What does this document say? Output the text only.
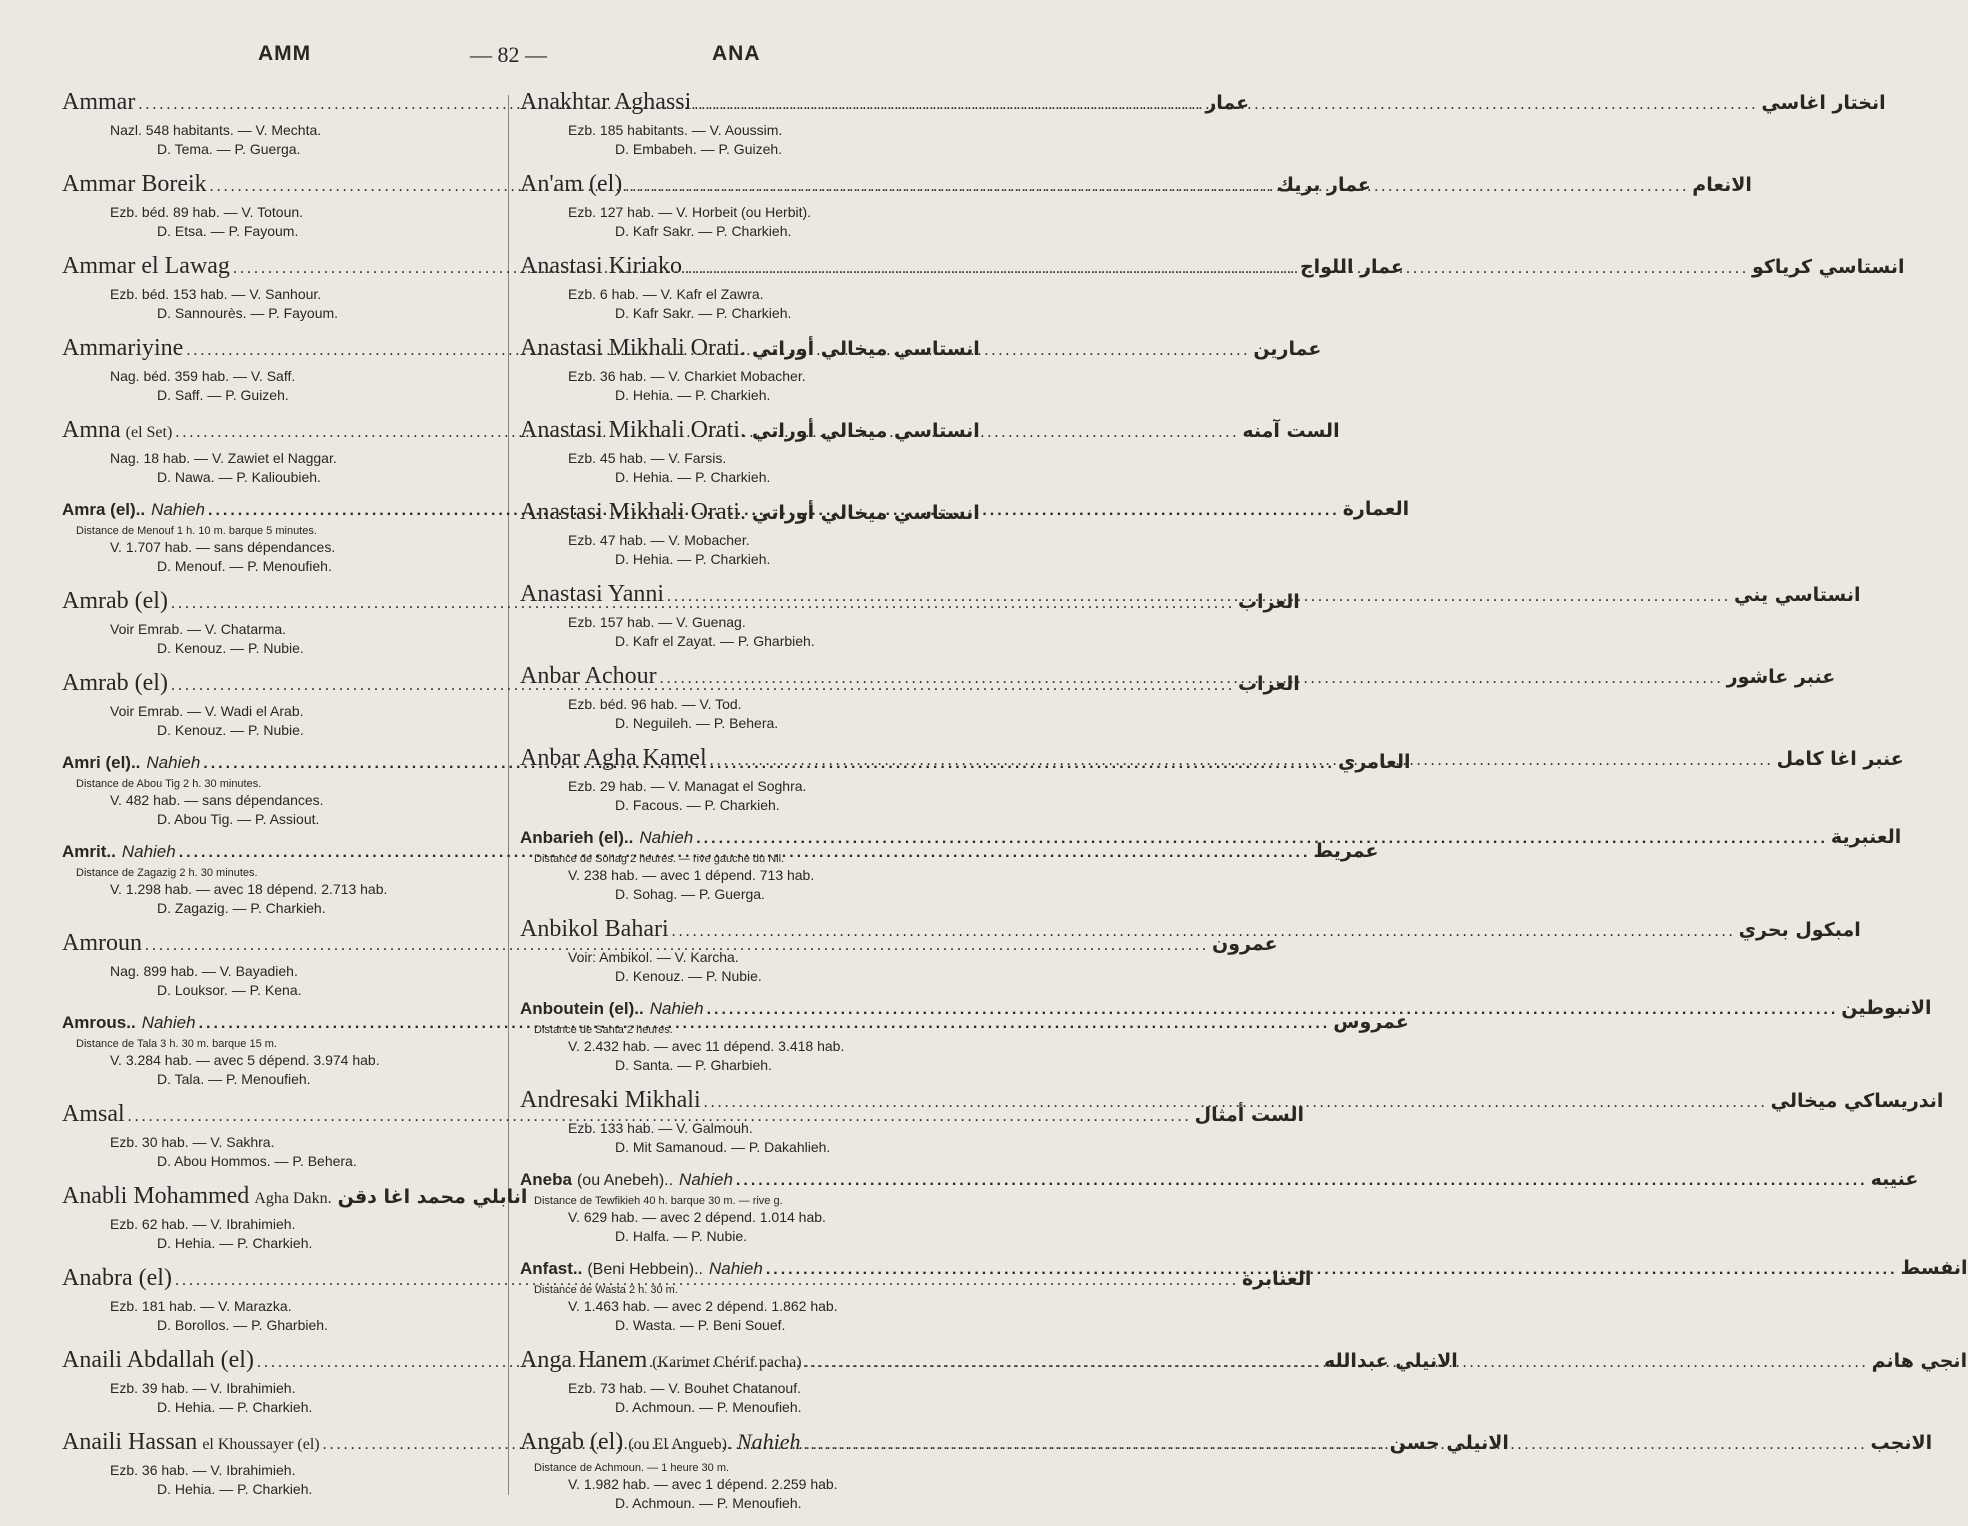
AMM	— 82 —	ANA
Ammar .....	عمار
Nazl. 548 habitants. — V. Mechta.
D. Tema. — P. Guerga.
Ammar Boreik .....	عمار بريك
Ezb. béd. 89 hab. — V. Totoun.
D. Etsa. — P. Fayoum.
Ammar el Lawag .....	عمار اللواج
Ezb. béd. 153 hab. — V. Sanhour.
D. Sannourès. — P. Fayoum.
Ammariyine .....	عمارين
Nag. béd. 359 hab. — V. Saff.
D. Saff. — P. Guizeh.
Amna (el Set) .....	الست آمنه
Nag. 18 hab. — V. Zawiet el Naggar.
D. Nawa. — P. Kalioubieh.
Amra (el).. Nahieh .....	العمارة
Distance de Menouf 1 h. 10 m. barque 5 minutes.
V. 1.707 hab. — sans dépendances.
D. Menouf. — P. Menoufieh.
Amrab (el) .....	العراب
Voir Emrab. — V. Chatarma.
D. Kenouz. — P. Nubie.
Amrab (el) .....	العراب
Voir Emrab. — V. Wadi el Arab.
D. Kenouz. — P. Nubie.
Amri (el).. Nahieh .....	العامري
Distance de Abou Tig 2 h. 30 minutes.
V. 482 hab. — sans dépendances.
D. Abou Tig. — P. Assiout.
Amrit.. Nahieh .....	عمريط
Distance de Zagazig 2 h. 30 minutes.
V. 1.298 hab. — avec 18 dépend. 2.713 hab.
D. Zagazig. — P. Charkieh.
Amroun .....	عمرون
Nag. 899 hab. — V. Bayadieh.
D. Louksor. — P. Kena.
Amrous.. Nahieh .....	عمروس
Distance de Tala 3 h. 30 m. barque 15 m.
V. 3.284 hab. — avec 5 dépend. 3.974 hab.
D. Tala. — P. Menoufieh.
Amsal .....	الست أمثال
Ezb. 30 hab. — V. Sakhra.
D. Abou Hommos. — P. Behera.
Anabli Mohammed Agha Dakn. انابلي محمد اغا دقن
Ezb. 62 hab. — V. Ibrahimieh.
D. Hehia. — P. Charkieh.
Anabra (el) .....	العنابرة
Ezb. 181 hab. — V. Marazka.
D. Borollos. — P. Gharbieh.
Anaili Abdallah (el) .....	الانيلي عبدالله
Ezb. 39 hab. — V. Ibrahimieh.
D. Hehia. — P. Charkieh.
Anaili Hassan el Khoussayer (el) .....	الانيلي حسن
Ezb. 36 hab. — V. Ibrahimieh.
D. Hehia. — P. Charkieh.
Anakhtar Aghassi .....	انختار اغاسي
Ezb. 185 habitants. — V. Aoussim.
D. Embabeh. — P. Guizeh.
An'am (el) .....	الانعام
Ezb. 127 hab. — V. Horbeit (ou Herbit).
D. Kafr Sakr. — P. Charkieh.
Anastasi Kiriako .....	انستاسي كرياكو
Ezb. 6 hab. — V. Kafr el Zawra.
D. Kafr Sakr. — P. Charkieh.
Anastasi Mikhali Orati. انستاسي ميخالي أوراتي
Ezb. 36 hab. — V. Charkiet Mobacher.
D. Hehia. — P. Charkieh.
Anastasi Mikhali Orati. انستاسي ميخالي أوراتي
Ezb. 45 hab. — V. Farsis.
D. Hehia. — P. Charkieh.
Anastasi Mikhali Orati. انستاسي ميخالي أوراتي
Ezb. 47 hab. — V. Mobacher.
D. Hehia. — P. Charkieh.
Anastasi Yanni .....	انستاسي يني
Ezb. 157 hab. — V. Guenag.
D. Kafr el Zayat. — P. Gharbieh.
Anbar Achour .....	عنبر عاشور
Ezb. béd. 96 hab. — V. Tod.
D. Neguileh. — P. Behera.
Anbar Agha Kamel .....	عنبر اغا كامل
Ezb. 29 hab. — V. Managat el Soghra.
D. Facous. — P. Charkieh.
Anbarieh (el).. Nahieh .....	العنبرية
Distance de Sohag 2 heures. — rive gauche du Nil.
V. 238 hab. — avec 1 dépend. 713 hab.
D. Sohag. — P. Guerga.
Anbikol Bahari .....	امبكول بحري
Voir: Ambikol. — V. Karcha.
D. Kenouz. — P. Nubie.
Anboutein (el).. Nahieh .....	الانبوطين
Distance de Santa 2 heures.
V. 2.432 hab. — avec 11 dépend. 3.418 hab.
D. Santa. — P. Gharbieh.
Andresaki Mikhali .....	اندريساكي ميخالي
Ezb. 133 hab. — V. Galmouh.
D. Mit Samanoud. — P. Dakahlieh.
Aneba (ou Anebeh).. Nahieh .....	عنيبه
Distance de Tewfikieh 40 h. barque 30 m. — rive g.
V. 629 hab. — avec 2 dépend. 1.014 hab.
D. Halfa. — P. Nubie.
Anfast.. (Beni Hebbein).. Nahieh .....	انفسط
Distance de Wasta 2 h. 30 m.
V. 1.463 hab. — avec 2 dépend. 1.862 hab.
D. Wasta. — P. Beni Souef.
Anga Hanem (Karimet Chérif pacha) .....	انجي هانم
Ezb. 73 hab. — V. Bouhet Chatanouf.
D. Achmoun. — P. Menoufieh.
Angab (el) (ou El Angueb). Nahieh .....	الانجب
Distance de Achmoun. — 1 heure 30 m.
V. 1.982 hab. — avec 1 dépend. 2.259 hab.
D. Achmoun. — P. Menoufieh.
